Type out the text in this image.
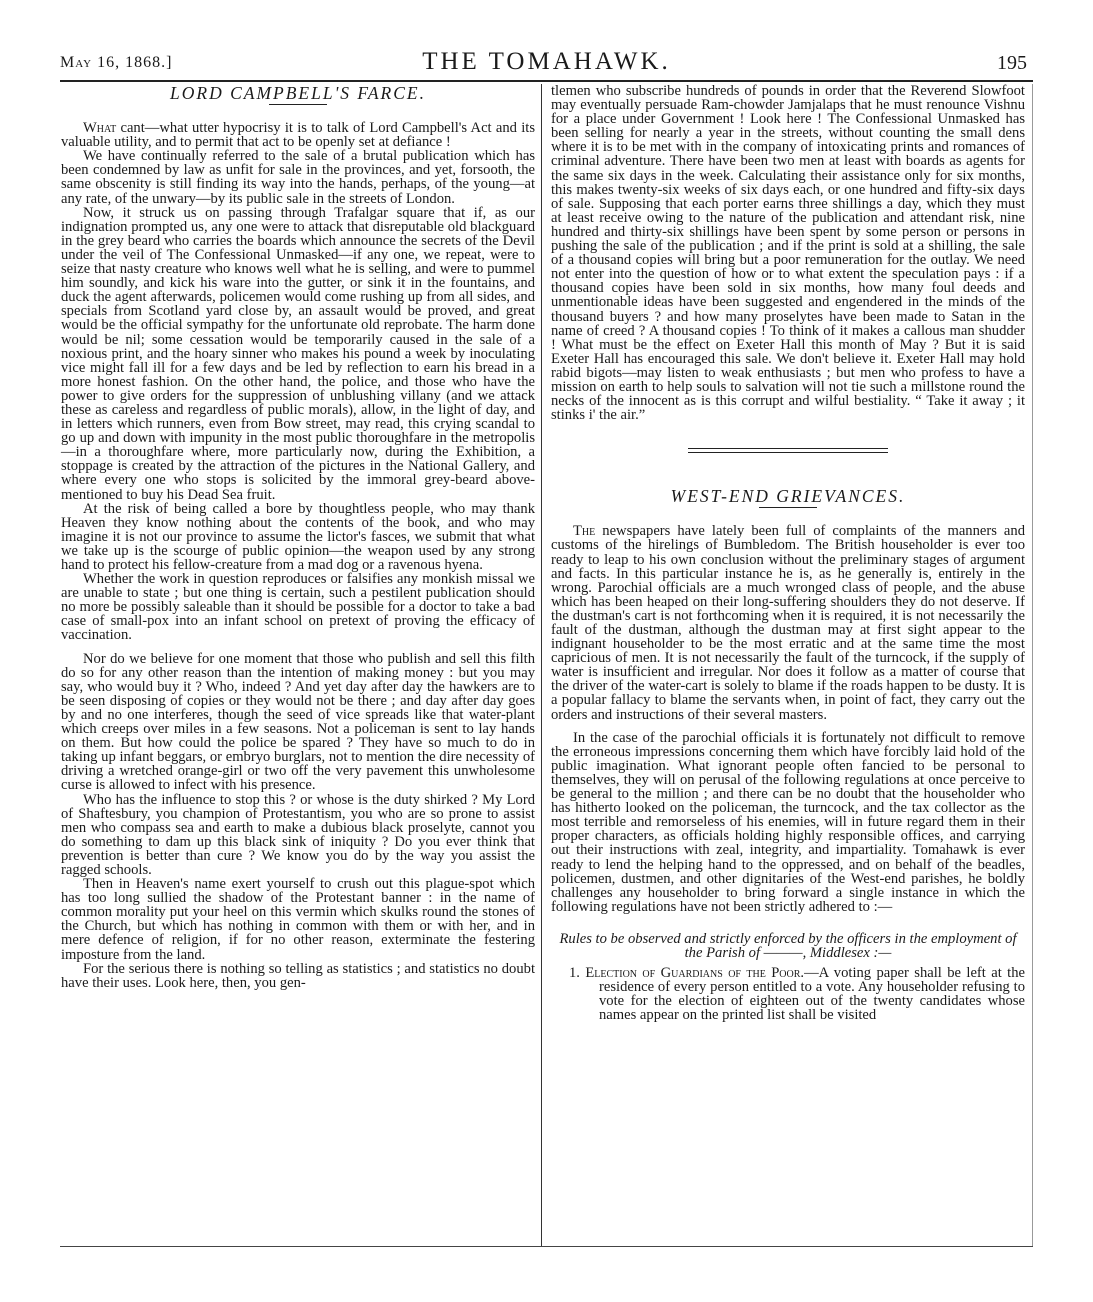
May 16, 1868.]	THE TOMAHAWK.	195
LORD CAMPBELL'S FARCE.

What cant—what utter hypocrisy it is to talk of Lord Campbell's Act and its valuable utility, and to permit that act to be openly set at defiance !

We have continually referred to the sale of a brutal publication which has been condemned by law as unfit for sale in the provinces, and yet, forsooth, the same obscenity is still finding its way into the hands, perhaps, of the young—at any rate, of the unwary—by its public sale in the streets of London.

Now, it struck us on passing through Trafalgar square that if, as our indignation prompted us, any one were to attack that disreputable old blackguard in the grey beard who carries the boards which announce the secrets of the Devil under the veil of The Confessional Unmasked—if any one, we repeat, were to seize that nasty creature who knows well what he is selling, and were to pummel him soundly, and kick his ware into the gutter, or sink it in the fountains, and duck the agent afterwards, policemen would come rushing up from all sides, and specials from Scotland yard close by, an assault would be proved, and great would be the official sympathy for the unfortunate old reprobate. The harm done would be nil; some cessation would be temporarily caused in the sale of a noxious print, and the hoary sinner who makes his pound a week by inoculating vice might fall ill for a few days and be led by reflection to earn his bread in a more honest fashion. On the other hand, the police, and those who have the power to give orders for the suppression of unblushing villany (and we attack these as careless and regardless of public morals), allow, in the light of day, and in letters which runners, even from Bow street, may read, this crying scandal to go up and down with impunity in the most public thoroughfare in the metropolis—in a thoroughfare where, more particularly now, during the Exhibition, a stoppage is created by the attraction of the pictures in the National Gallery, and where every one who stops is solicited by the immoral grey-beard above-mentioned to buy his Dead Sea fruit.

At the risk of being called a bore by thoughtless people, who may thank Heaven they know nothing about the contents of the book, and who may imagine it is not our province to assume the lictor's fasces, we submit that what we take up is the scourge of public opinion—the weapon used by any strong hand to protect his fellow-creature from a mad dog or a ravenous hyena.

Whether the work in question reproduces or falsifies any monkish missal we are unable to state ; but one thing is certain, such a pestilent publication should no more be possibly saleable than it should be possible for a doctor to take a bad case of small-pox into an infant school on pretext of proving the efficacy of vaccination.

Nor do we believe for one moment that those who publish and sell this filth do so for any other reason than the intention of making money : but you may say, who would buy it ? Who, indeed ? And yet day after day the hawkers are to be seen disposing of copies or they would not be there ; and day after day goes by and no one interferes, though the seed of vice spreads like that water-plant which creeps over miles in a few seasons. Not a policeman is sent to lay hands on them. But how could the police be spared ? They have so much to do in taking up infant beggars, or embryo burglars, not to mention the dire necessity of driving a wretched orange-girl or two off the very pavement this unwholesome curse is allowed to infect with his presence.

Who has the influence to stop this ? or whose is the duty shirked ? My Lord of Shaftesbury, you champion of Protestantism, you who are so prone to assist men who compass sea and earth to make a dubious black proselyte, cannot you do something to dam up this black sink of iniquity ? Do you ever think that prevention is better than cure ? We know you do by the way you assist the ragged schools.

Then in Heaven's name exert yourself to crush out this plague-spot which has too long sullied the shadow of the Protestant banner : in the name of common morality put your heel on this vermin which skulks round the stones of the Church, but which has nothing in common with them or with her, and in mere defence of religion, if for no other reason, exterminate the festering imposture from the land.

For the serious there is nothing so telling as statistics ; and statistics no doubt have their uses. Look here, then, you gen-

tlemen who subscribe hundreds of pounds in order that the Reverend Slowfoot may eventually persuade Ram-chowder Jamjalaps that he must renounce Vishnu for a place under Government ! Look here ! The Confessional Unmasked has been selling for nearly a year in the streets, without counting the small dens where it is to be met with in the company of intoxicating prints and romances of criminal adventure. There have been two men at least with boards as agents for the same six days in the week. Calculating their assistance only for six months, this makes twenty-six weeks of six days each, or one hundred and fifty-six days of sale. Supposing that each porter earns three shillings a day, which they must at least receive owing to the nature of the publication and attendant risk, nine hundred and thirty-six shillings have been spent by some person or persons in pushing the sale of the publication ; and if the print is sold at a shilling, the sale of a thousand copies will bring but a poor remuneration for the outlay. We need not enter into the question of how or to what extent the speculation pays : if a thousand copies have been sold in six months, how many foul deeds and unmentionable ideas have been suggested and engendered in the minds of the thousand buyers ? and how many proselytes have been made to Satan in the name of creed ? A thousand copies ! To think of it makes a callous man shudder ! What must be the effect on Exeter Hall this month of May ? But it is said Exeter Hall has encouraged this sale. We don't believe it. Exeter Hall may hold rabid bigots—may listen to weak enthusiasts ; but men who profess to have a mission on earth to help souls to salvation will not tie such a millstone round the necks of the innocent as is this corrupt and wilful bestiality. “ Take it away ; it stinks i' the air.”

WEST-END GRIEVANCES.

The newspapers have lately been full of complaints of the manners and customs of the hirelings of Bumbledom. The British householder is ever too ready to leap to his own conclusion without the preliminary stages of argument and facts. In this particular instance he is, as he generally is, entirely in the wrong. Parochial officials are a much wronged class of people, and the abuse which has been heaped on their long-suffering shoulders they do not deserve. If the dustman's cart is not forthcoming when it is required, it is not necessarily the fault of the dustman, although the dustman may at first sight appear to the indignant householder to be the most erratic and at the same time the most capricious of men. It is not necessarily the fault of the turncock, if the supply of water is insufficient and irregular. Nor does it follow as a matter of course that the driver of the water-cart is solely to blame if the roads happen to be dusty. It is a popular fallacy to blame the servants when, in point of fact, they carry out the orders and instructions of their several masters.

In the case of the parochial officials it is fortunately not difficult to remove the erroneous impressions concerning them which have forcibly laid hold of the public imagination. What ignorant people often fancied to be personal to themselves, they will on perusal of the following regulations at once perceive to be general to the million ; and there can be no doubt that the householder who has hitherto looked on the policeman, the turncock, and the tax collector as the most terrible and remorseless of his enemies, will in future regard them in their proper characters, as officials holding highly responsible offices, and carrying out their instructions with zeal, integrity, and impartiality. Tomahawk is ever ready to lend the helping hand to the oppressed, and on behalf of the beadles, policemen, dustmen, and other dignitaries of the West-end parishes, he boldly challenges any householder to bring forward a single instance in which the following regulations have not been strictly adhered to :—

Rules to be observed and strictly enforced by the officers in the employment of the Parish of ———, Middlesex :—

1. Election of Guardians of the Poor.—A voting paper shall be left at the residence of every person entitled to a vote. Any householder refusing to vote for the election of eighteen out of the twenty candidates whose names appear on the printed list shall be visited
